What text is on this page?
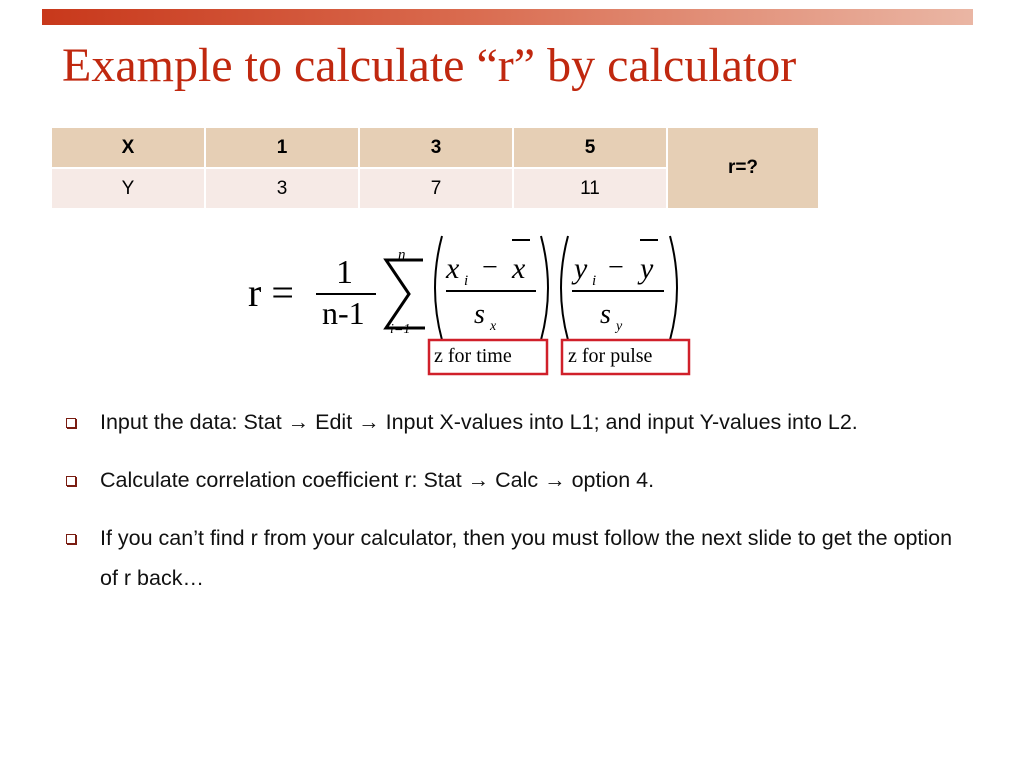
Example to calculate “r” by calculator
X	1	3	5	r=?
Y	3	7	11	
r = 1
n-1
n
i=1
x i − x
s x
y i − y
s y
z for time	z for pulse
Input the data: Stat → Edit → Input X-values into L1; and input Y-values into L2.
Calculate correlation coefficient r: Stat → Calc → option 4.
If you can’t find r from your calculator, then you must follow the next slide to get the option of r back…
